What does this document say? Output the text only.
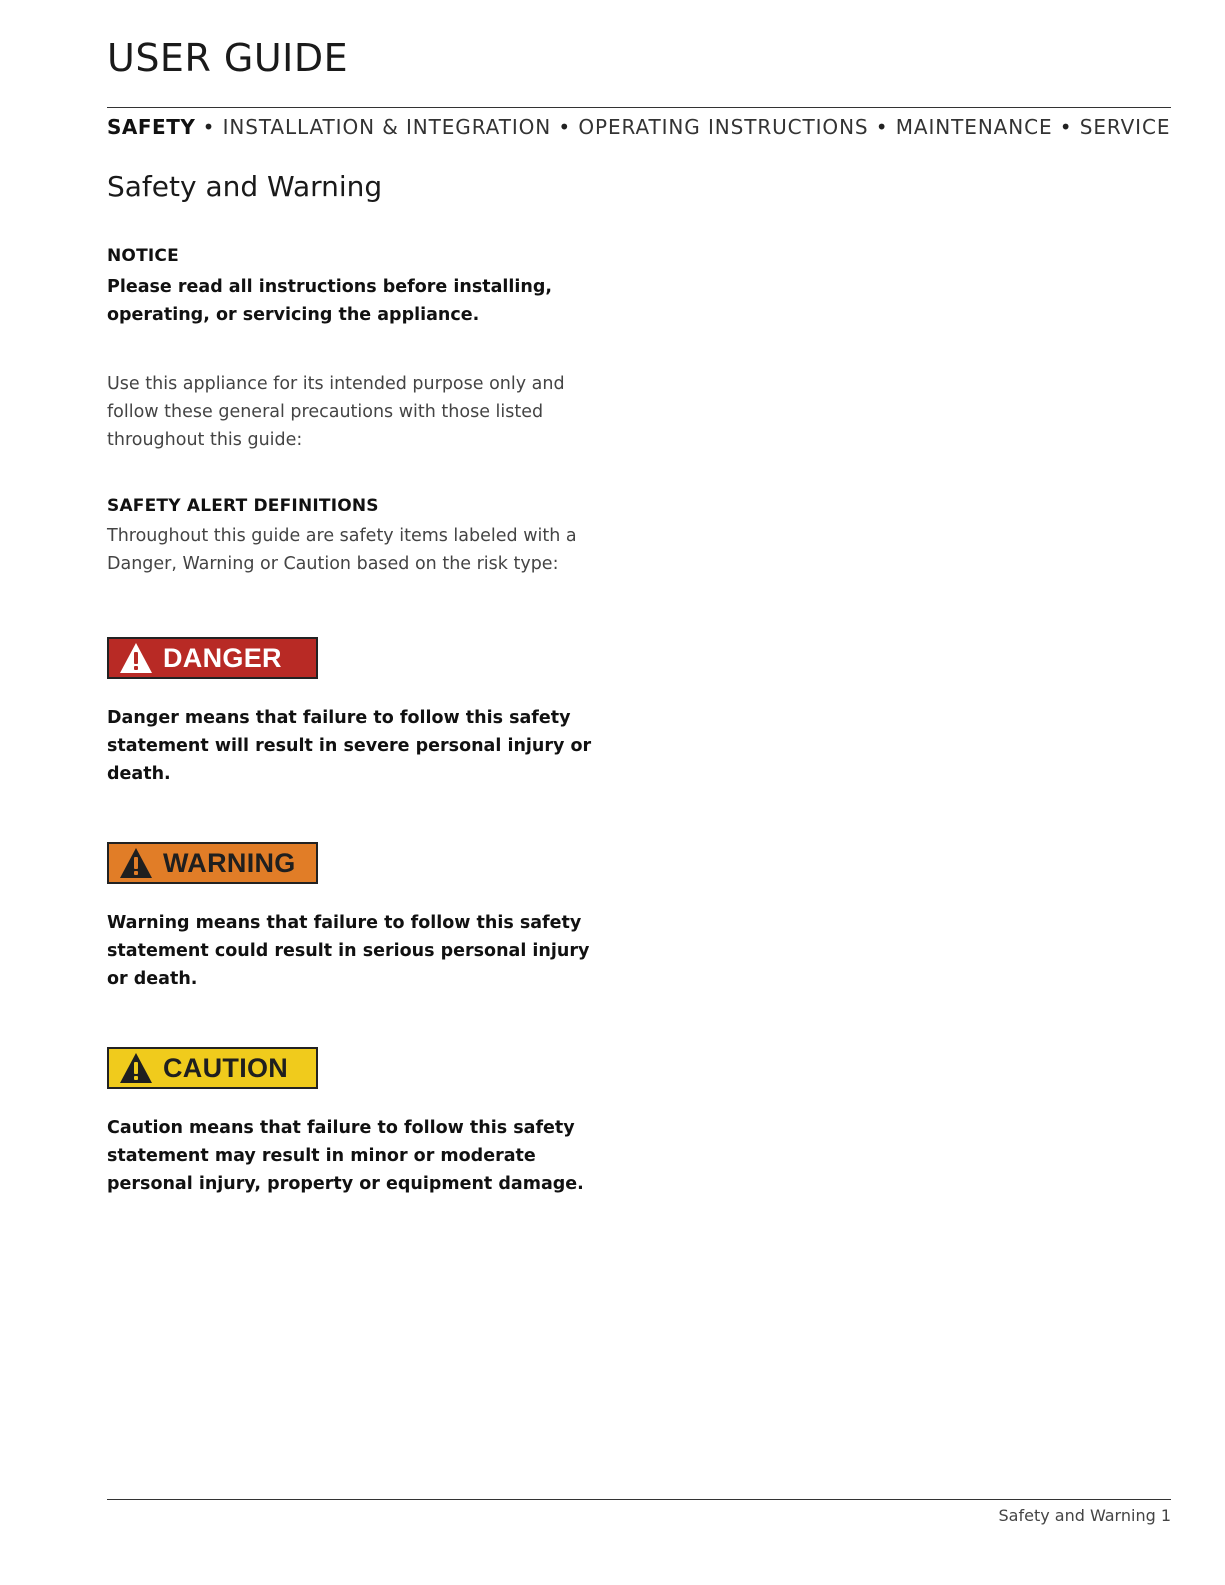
USER GUIDE
SAFETY • INSTALLATION & INTEGRATION • OPERATING INSTRUCTIONS • MAINTENANCE • SERVICE
Safety and Warning
NOTICE
Please read all instructions before installing, operating, or servicing the appliance.
Use this appliance for its intended purpose only and follow these general precautions with those listed throughout this guide:
SAFETY ALERT DEFINITIONS
Throughout this guide are safety items labeled with a Danger, Warning or Caution based on the risk type:
DANGER
Danger means that failure to follow this safety statement will result in severe personal injury or death.
WARNING
Warning means that failure to follow this safety statement could result in serious personal injury or death.
CAUTION
Caution means that failure to follow this safety statement may result in minor or moderate personal injury, property or equipment damage.
Safety and Warning 1
